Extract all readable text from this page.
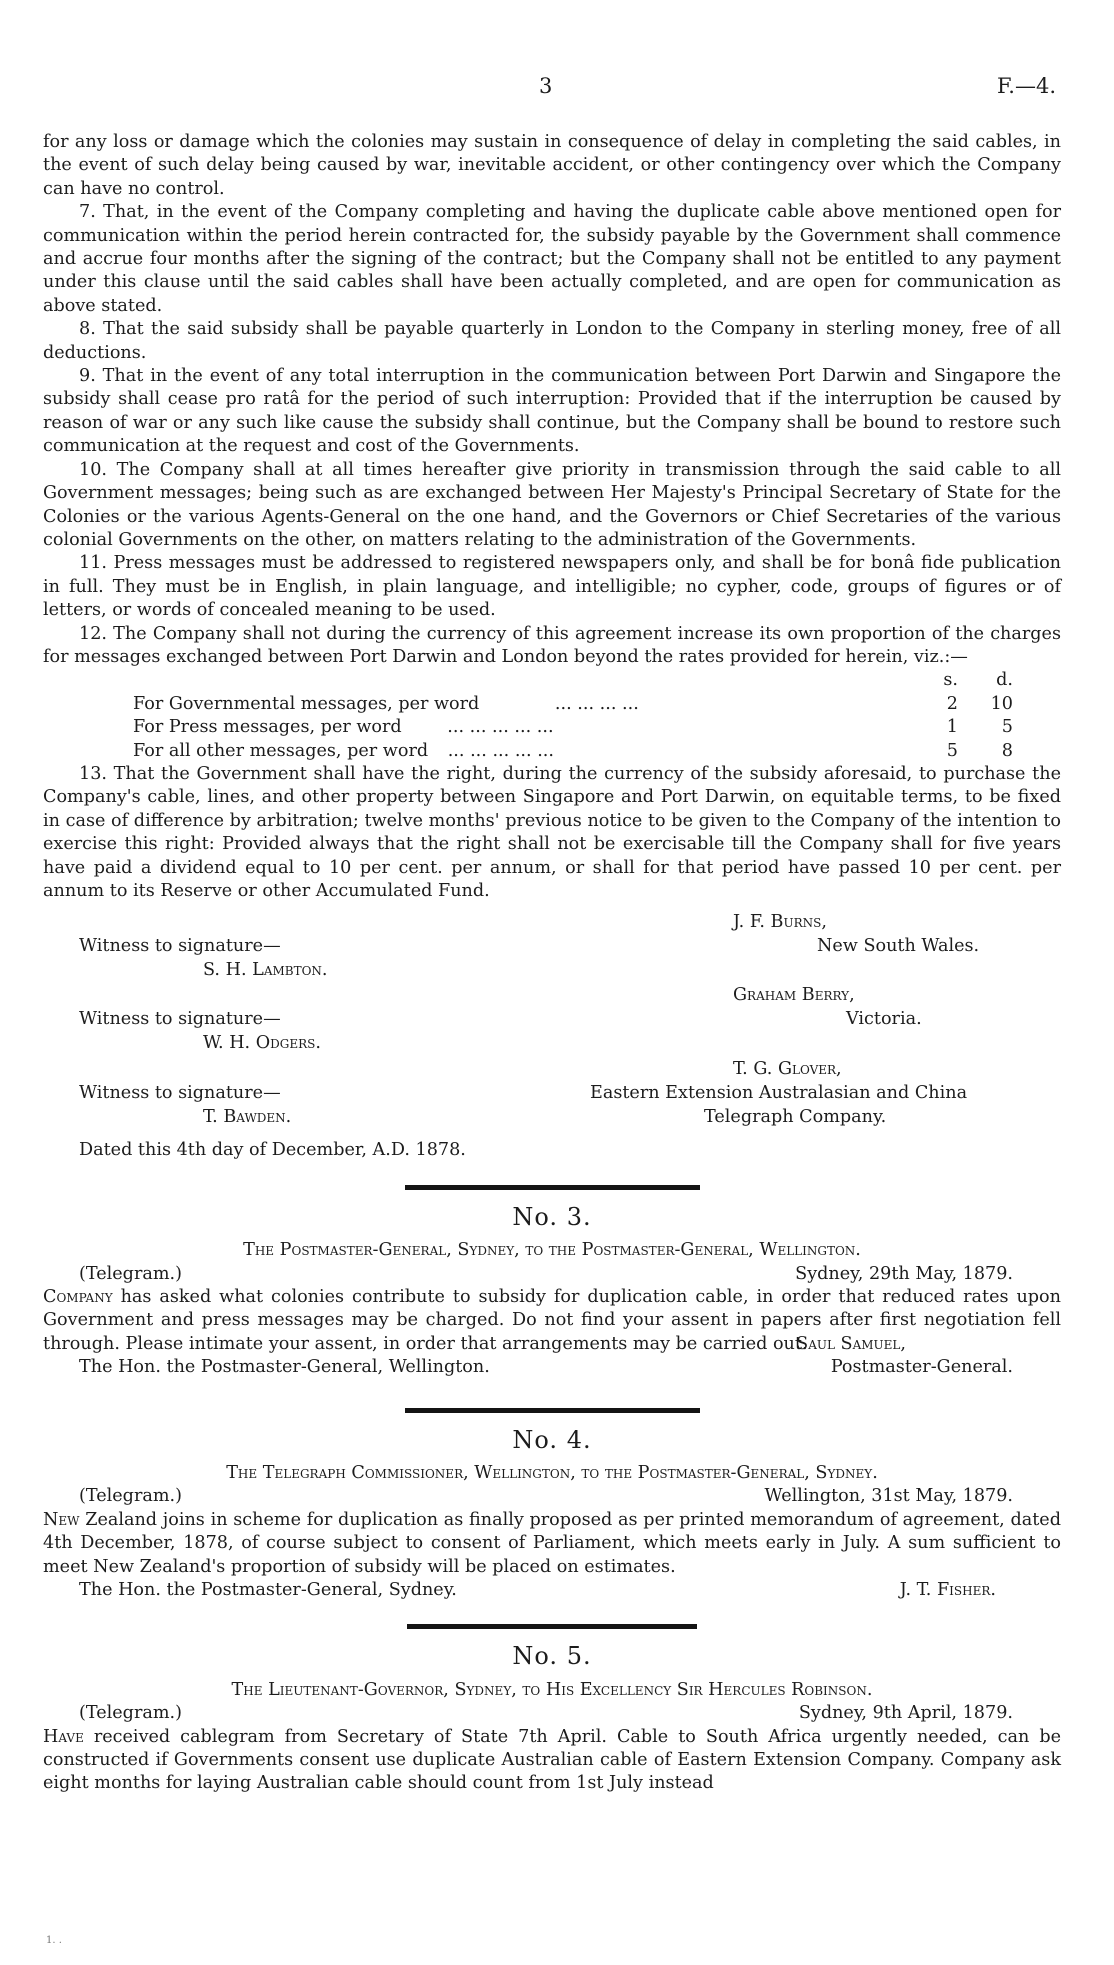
3	F.—4.

for any loss or damage which the colonies may sustain in consequence of delay in completing the said cables, in the event of such delay being caused by war, inevitable accident, or other contingency over which the Company can have no control.

7. That, in the event of the Company completing and having the duplicate cable above mentioned open for communication within the period herein contracted for, the subsidy payable by the Government shall commence and accrue four months after the signing of the contract; but the Company shall not be entitled to any payment under this clause until the said cables shall have been actually completed, and are open for communication as above stated.

8. That the said subsidy shall be payable quarterly in London to the Company in sterling money, free of all deductions.

9. That in the event of any total interruption in the communication between Port Darwin and Singapore the subsidy shall cease pro ratâ for the period of such interruption: Provided that if the interruption be caused by reason of war or any such like cause the subsidy shall continue, but the Company shall be bound to restore such communication at the request and cost of the Governments.

10. The Company shall at all times hereafter give priority in transmission through the said cable to all Government messages; being such as are exchanged between Her Majesty's Principal Secretary of State for the Colonies or the various Agents-General on the one hand, and the Governors or Chief Secretaries of the various colonial Governments on the other, on matters relating to the administration of the Governments.

11. Press messages must be addressed to registered newspapers only, and shall be for bonâ fide publication in full. They must be in English, in plain language, and intelligible; no cypher, code, groups of figures or of letters, or words of concealed meaning to be used.

12. The Company shall not during the currency of this agreement increase its own proportion of the charges for messages exchanged between Port Darwin and London beyond the rates provided for herein, viz.:—

s.	d.
For Governmental messages, per word	... ... ... ...	2	10
For Press messages, per word	... ... ... ... ...	1	5
For all other messages, per word ... ... ... ... ...	5	8

13. That the Government shall have the right, during the currency of the subsidy aforesaid, to purchase the Company's cable, lines, and other property between Singapore and Port Darwin, on equitable terms, to be fixed in case of difference by arbitration; twelve months' previous notice to be given to the Company of the intention to exercise this right: Provided always that the right shall not be exercisable till the Company shall for five years have paid a dividend equal to 10 per cent. per annum, or shall for that period have passed 10 per cent. per annum to its Reserve or other Accumulated Fund.

J. F. Burns,
Witness to signature—	New South Wales.
S. H. Lambton.
Graham Berry,
Witness to signature—	Victoria.
W. H. Odgers.
T. G. Glover,
Witness to signature—	Eastern Extension Australasian and China
T. Bawden.	Telegraph Company.

Dated this 4th day of December, A.D. 1878.

No. 3.

The Postmaster-General, Sydney, to the Postmaster-General, Wellington.

(Telegram.)	Sydney, 29th May, 1879.

Company has asked what colonies contribute to subsidy for duplication cable, in order that reduced rates upon Government and press messages may be charged. Do not find your assent in papers after first negotiation fell through. Please intimate your assent, in order that arrangements may be carried out.

Saul Samuel,
The Hon. the Postmaster-General, Wellington.	Postmaster-General.
No. 4.

The Telegraph Commissioner, Wellington, to the Postmaster-General, Sydney.

(Telegram.)	Wellington, 31st May, 1879.

New Zealand joins in scheme for duplication as finally proposed as per printed memorandum of agreement, dated 4th December, 1878, of course subject to consent of Parliament, which meets early in July. A sum sufficient to meet New Zealand's proportion of subsidy will be placed on estimates.

The Hon. the Postmaster-General, Sydney.	J. T. Fisher.
No. 5.

The Lieutenant-Governor, Sydney, to His Excellency Sir Hercules Robinson.

(Telegram.)	Sydney, 9th April, 1879.

Have received cablegram from Secretary of State 7th April. Cable to South Africa urgently needed, can be constructed if Governments consent use duplicate Australian cable of Eastern Extension Company. Company ask eight months for laying Australian cable should count from 1st July instead

1. .
